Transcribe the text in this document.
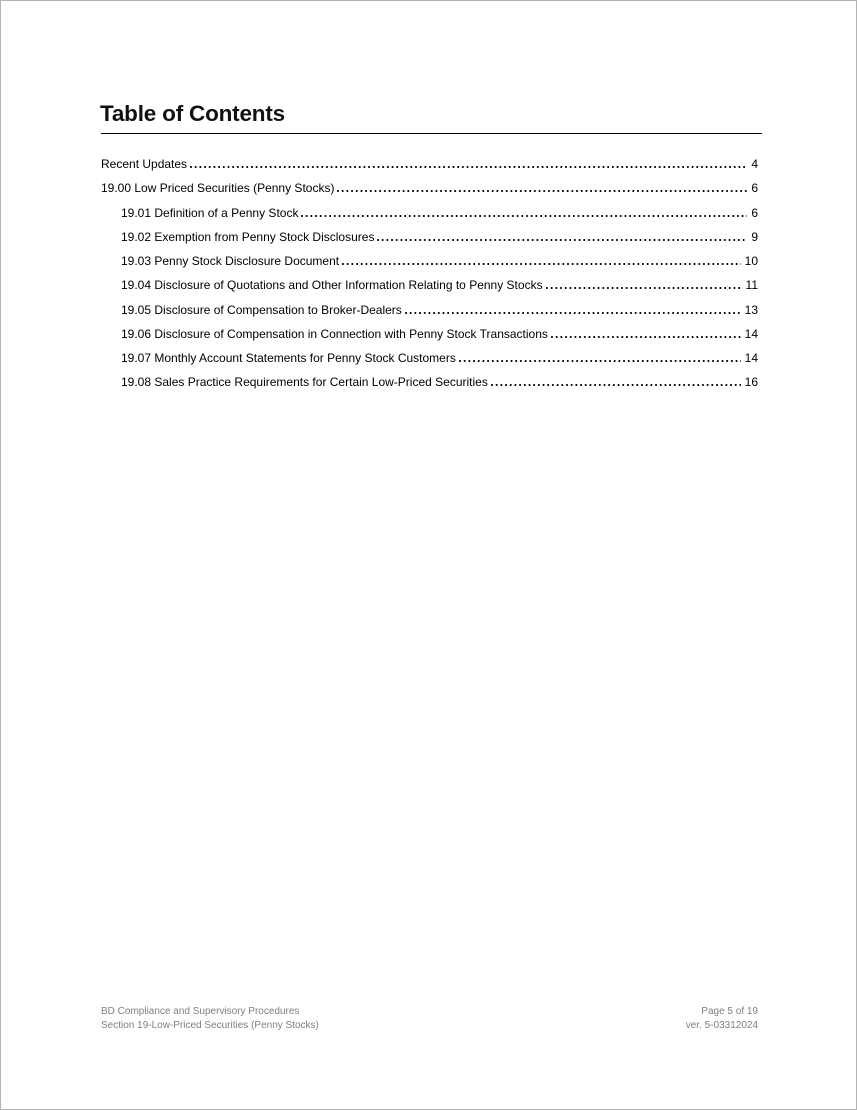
Table of Contents
Recent Updates	4
19.00 Low Priced Securities (Penny Stocks)	6
19.01 Definition of a Penny Stock	6
19.02 Exemption from Penny Stock Disclosures	9
19.03 Penny Stock Disclosure Document	10
19.04 Disclosure of Quotations and Other Information Relating to Penny Stocks	11
19.05 Disclosure of Compensation to Broker-Dealers	13
19.06 Disclosure of Compensation in Connection with Penny Stock Transactions	14
19.07 Monthly Account Statements for Penny Stock Customers	14
19.08 Sales Practice Requirements for Certain Low-Priced Securities	16
BD Compliance and Supervisory Procedures
Section 19-Low-Priced Securities (Penny Stocks)
Page 5 of 19
ver. 5-03312024
